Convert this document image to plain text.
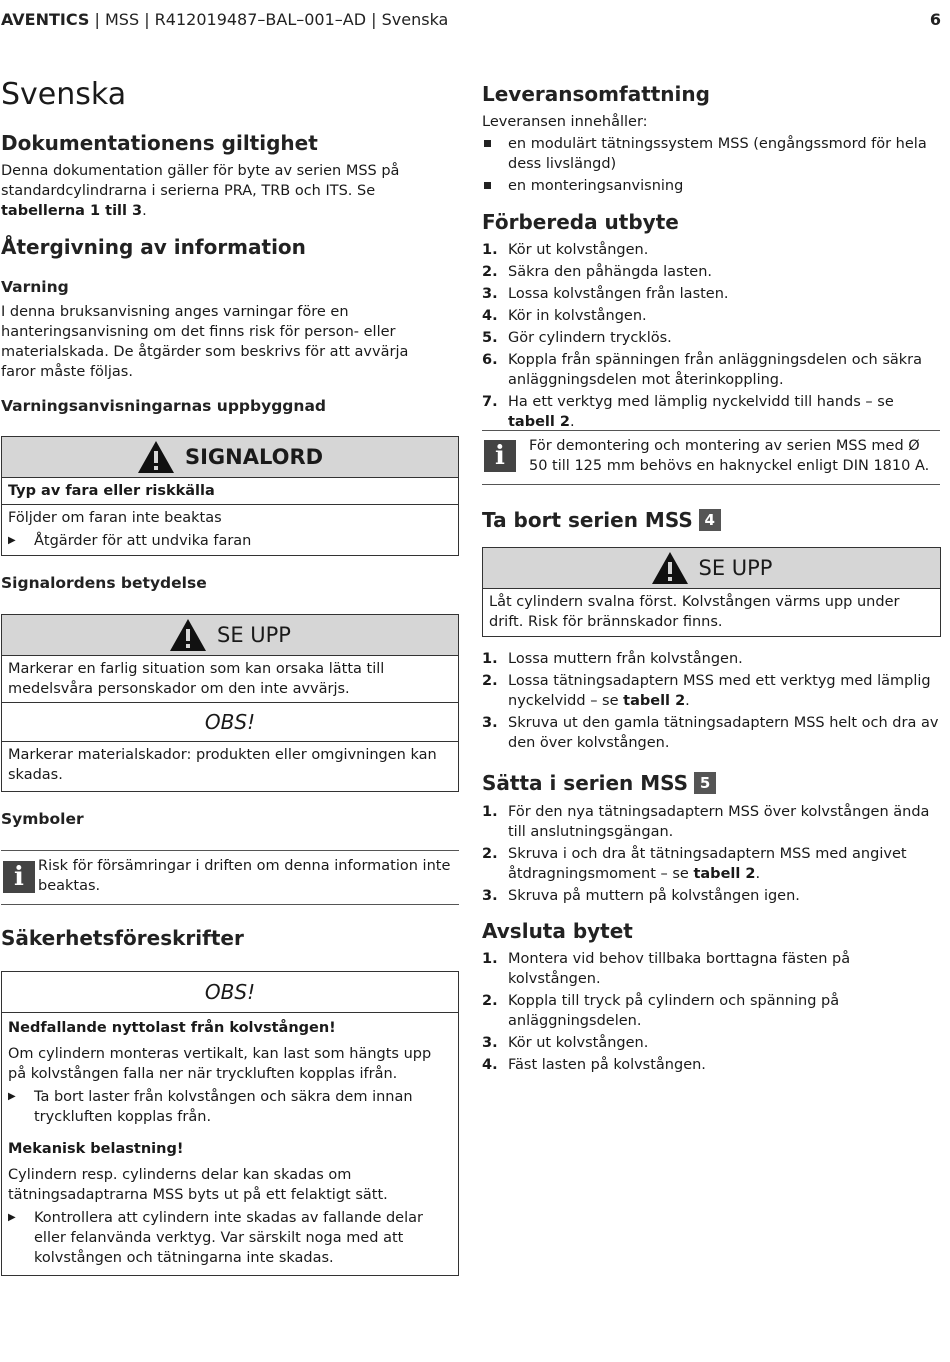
AVENTICS | MSS | R412019487–BAL–001–AD | Svenska	6
Svenska
Dokumentationens giltighet
Denna dokumentation gäller för byte av serien MSS på standardcylindrarna i serierna PRA, TRB och ITS. Se tabellerna 1 till 3.
Återgivning av information
Varning
I denna bruksanvisning anges varningar före en hanteringsanvisning om det finns risk för person- eller materialskada. De åtgärder som beskrivs för att avvärja faror måste följas.
Varningsanvisningarnas uppbyggnad
SIGNALORD
Typ av fara eller riskkälla
Följder om faran inte beaktas
▶ Åtgärder för att undvika faran
Signalordens betydelse
SE UPP
Markerar en farlig situation som kan orsaka lätta till medelsvåra personskador om den inte avvärjs.
OBS!
Markerar materialskador: produkten eller omgivningen kan skadas.
Symboler
i Risk för försämringar i driften om denna information inte beaktas.
Säkerhetsföreskrifter
OBS!
Nedfallande nyttolast från kolvstången!
Om cylindern monteras vertikalt, kan last som hängts upp på kolvstången falla ner när tryckluften kopplas ifrån.
▶ Ta bort laster från kolvstången och säkra dem innan tryckluften kopplas från.
Mekanisk belastning!
Cylindern resp. cylinderns delar kan skadas om tätningsadaptrarna MSS byts ut på ett felaktigt sätt.
▶ Kontrollera att cylindern inte skadas av fallande delar eller felanvända verktyg. Var särskilt noga med att kolvstången och tätningarna inte skadas.
Leveransomfattning
Leveransen innehåller:
en modulärt tätningssystem MSS (engångssmord för hela dess livslängd)
en monteringsanvisning
Förbereda utbyte
1. Kör ut kolvstången.
2. Säkra den påhängda lasten.
3. Lossa kolvstången från lasten.
4. Kör in kolvstången.
5. Gör cylindern trycklös.
6. Koppla från spänningen från anläggningsdelen och säkra anläggningsdelen mot återinkoppling.
7. Ha ett verktyg med lämplig nyckelvidd till hands – se tabell 2.
i	För demontering och montering av serien MSS med Ø 50 till 125 mm behövs en haknyckel enligt DIN 1810 A.
Ta bort serien MSS 4
SE UPP
Låt cylindern svalna först. Kolvstången värms upp under drift. Risk för brännskador finns.
1. Lossa muttern från kolvstången.
2. Lossa tätningsadaptern MSS med ett verktyg med lämplig nyckelvidd – se tabell 2.
3. Skruva ut den gamla tätningsadaptern MSS helt och dra av den över kolvstången.
Sätta i serien MSS 5
1. För den nya tätningsadaptern MSS över kolvstången ända till anslutningsgängan.
2. Skruva i och dra åt tätningsadaptern MSS med angivet åtdragningsmoment – se tabell 2.
3. Skruva på muttern på kolvstången igen.
Avsluta bytet
1. Montera vid behov tillbaka borttagna fästen på kolvstången.
2. Koppla till tryck på cylindern och spänning på anläggningsdelen.
3. Kör ut kolvstången.
4. Fäst lasten på kolvstången.
